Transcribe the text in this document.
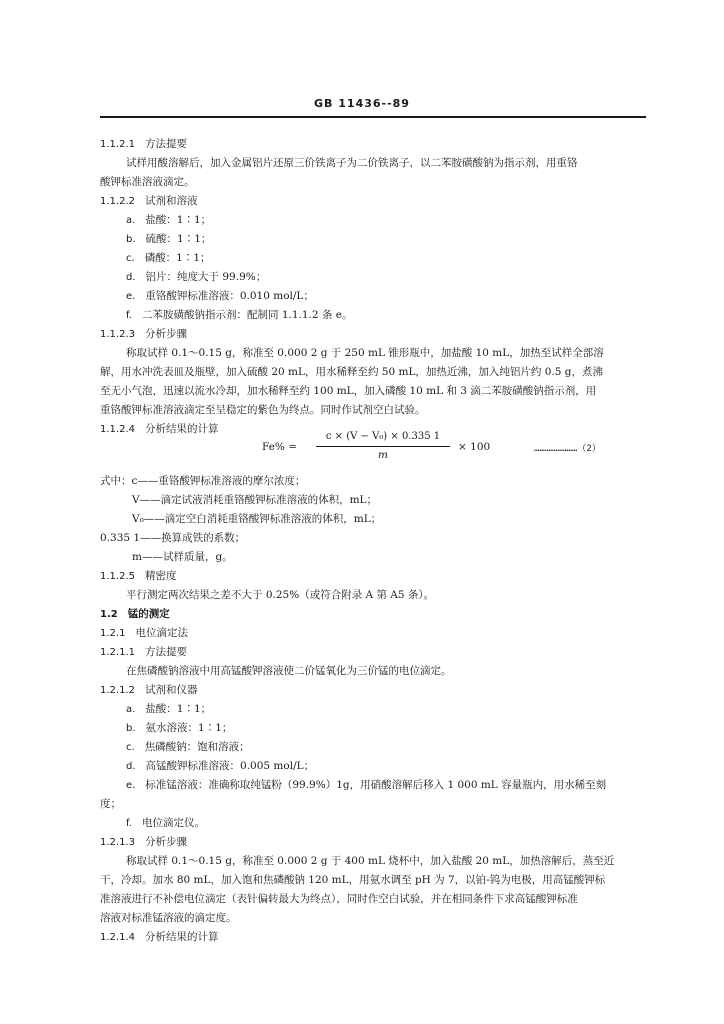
GB 11436--89
1.1.2.1 方法提要
试样用酸溶解后，加入金属铝片还原三价铁离子为二价铁离子，以二苯胺磺酸钠为指示剂，用重铬
酸钾标准溶液滴定。
1.1.2.2 试剂和溶液
a. 盐酸：1∶1；
b. 硫酸：1∶1；
c. 磷酸：1∶1；
d. 铝片：纯度大于 99.9%；
e. 重铬酸钾标准溶液：0.010 mol/L；
f. 二苯胺磺酸钠指示剂：配制同 1.1.1.2 条 e。
1.1.2.3 分析步骤
称取试样 0.1～0.15 g，称准至 0.000 2 g 于 250 mL 锥形瓶中，加盐酸 10 mL，加热至试样全部溶
解，用水冲洗表皿及瓶壁，加入硫酸 20 mL，用水稀释至约 50 mL，加热近沸，加入纯铝片约 0.5 g，煮沸
至无小气泡，迅速以流水冷却，加水稀释至约 100 mL，加入磷酸 10 mL 和 3 滴二苯胺磺酸钠指示剂，用
重铬酸钾标准溶液滴定至呈稳定的紫色为终点。同时作试剂空白试验。
1.1.2.4 分析结果的计算
式中：c——重铬酸钾标准溶液的摩尔浓度；
V——滴定试液消耗重铬酸钾标准溶液的体积，mL；
V₀——滴定空白消耗重铬酸钾标准溶液的体积，mL；
0.335 1——换算成铁的系数；
m——试样质量，g。
1.1.2.5 精密度
平行测定两次结果之差不大于 0.25%（或符合附录 A 第 A5 条）。
1.2 锰的测定
1.2.1 电位滴定法
1.2.1.1 方法提要
在焦磷酸钠溶液中用高锰酸钾溶液使二价锰氧化为三价锰的电位滴定。
1.2.1.2 试剂和仪器
a. 盐酸：1∶1；
b. 氨水溶液：1∶1；
c. 焦磷酸钠：饱和溶液；
d. 高锰酸钾标准溶液：0.005 mol/L；
e. 标准锰溶液：准确称取纯锰粉（99.9%）1g，用硝酸溶解后移入 1 000 mL 容量瓶内，用水稀至刻
度；
f. 电位滴定仪。
1.2.1.3 分析步骤
称取试样 0.1～0.15 g，称准至 0.000 2 g 于 400 mL 烧杯中，加入盐酸 20 mL，加热溶解后，蒸至近
干，冷却。加水 80 mL，加入饱和焦磷酸钠 120 mL，用氨水调至 pH 为 7，以铂-钨为电极，用高锰酸钾标
准溶液进行不补偿电位滴定（表针偏转最大为终点），同时作空白试验，并在相同条件下求高锰酸钾标准
溶液对标准锰溶液的滴定度。
1.2.1.4 分析结果的计算
Fe% =
c × (V − V₀) × 0.335 1
m
× 100	……………………（2）
